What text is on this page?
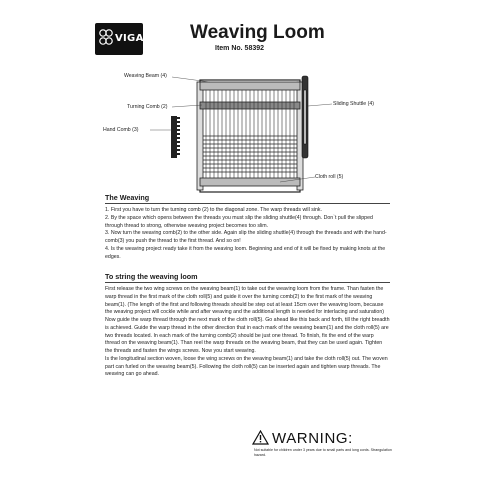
VIGA Weaving Loom
Item No. 58392
Weaving Beam (4)
Turning Comb (2)
Hand Comb (3)
Sliding Shuttle (4)
Cloth roll (5)
The Weaving

1. First you have to turn the turning comb (2) to the diagonal zone. The warp threads will sink.

2. By the space which opens between the threads you must slip the sliding shuttle(4) through. Don`t pull the slipped through thread to strong, otherwise weaving project becomes too slim.

3. Now turn the weaving comb(2) to the other side. Again slip the sliding shuttle(4) through the threads and with the hand-comb(3) you push the thread to the first thread. And so on!

4. Is the weaving project ready take it from the weaving loom. Beginning and end of it will be fixed by making knots at the edges.

To string the weaving loom

First release the two wing screws on the weaving beam(1) to take out the weaving loom from the frame. Than fasten the warp thread in the first mark of the cloth roll(5) and guide it over the turning comb(2) to the first mark of the weaving beam(1). (The length of the first and following threads should be step out at least 15cm over the weaving loom, because the weaving project will cockle while and after weaving and the additional length is needed for interlacing and saturation) Now guide the warp thread through the next mark of the cloth roll(5). Go ahead like this back and forth, till the right breadth is achieved. Guide the warp thread in the other direction that in each mark of the weaving beam(1) and the cloth roll(5) are two threads located. In each mark of the turning comb(2) should be just one thread. To finish, fix the end of the warp thread on the weaving beam(1). Than reel the warp threads on the weaving beam, that they can be used again. Tighten the threads and fasten the wings screws. Now you start weaving.

Is the longitudinal section woven, loose the wing screws on the weaving beam(1) and take the cloth roll(5) out. The woven part can furled on the weaving beam(5). Following the cloth roll(5) can be inserted again and tighten warp threads. The weaving can go ahead.

WARNING:
Not suitable for children under 3 years due to small parts and long cords. Strangulation hazard.
